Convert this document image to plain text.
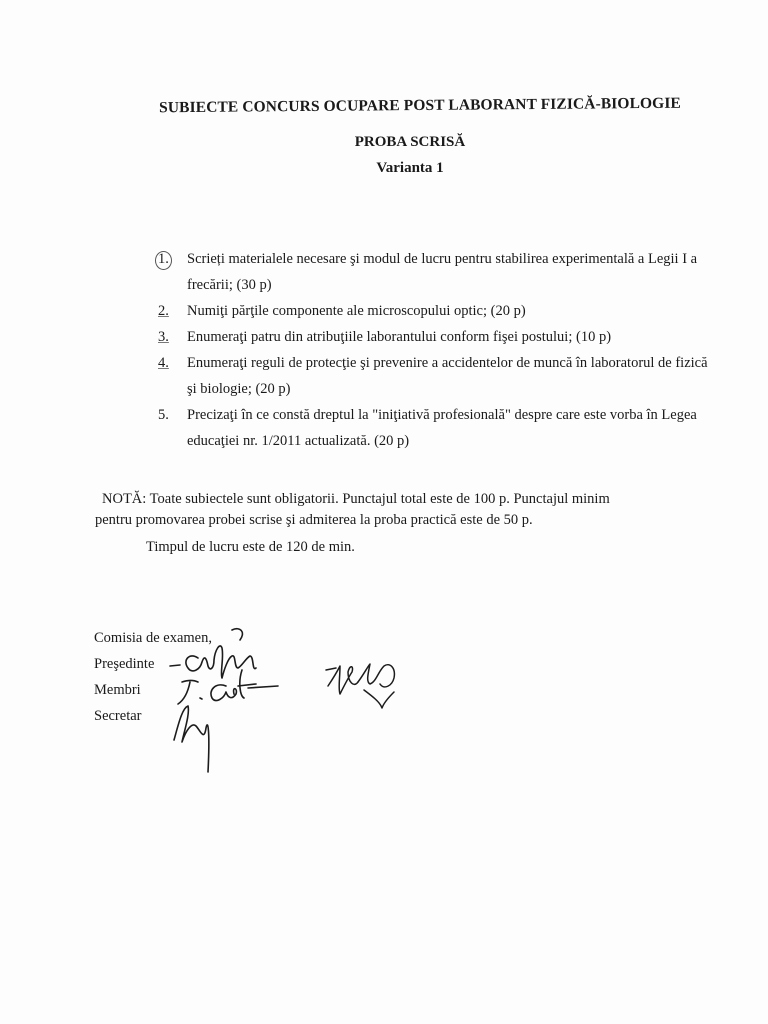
SUBIECTE CONCURS OCUPARE POST LABORANT FIZICĂ-BIOLOGIE
PROBA SCRISĂ
Varianta 1
1.	Scrieți materialele necesare şi modul de lucru pentru stabilirea experimentală a Legii I a frecării; (30 p)
2.	Numiţi părţile componente ale microscopului optic; (20 p)
3.	Enumeraţi patru din atribuţiile laborantului conform fişei postului; (10 p)
4.	Enumeraţi reguli de protecţie şi prevenire a accidentelor de muncă în laboratorul de fizică şi biologie; (20 p)
5.	Precizaţi în ce constă dreptul la "iniţiativă profesională" despre care este vorba în Legea educaţiei nr. 1/2011 actualizată. (20 p)
NOTĂ: Toate subiectele sunt obligatorii. Punctajul total este de 100 p. Punctajul minim
pentru promovarea probei scrise şi admiterea la proba practică este de 50 p.

Timpul de lucru este de 120 de min.

Comisia de examen,
Preşedinte
Membri
Secretar
